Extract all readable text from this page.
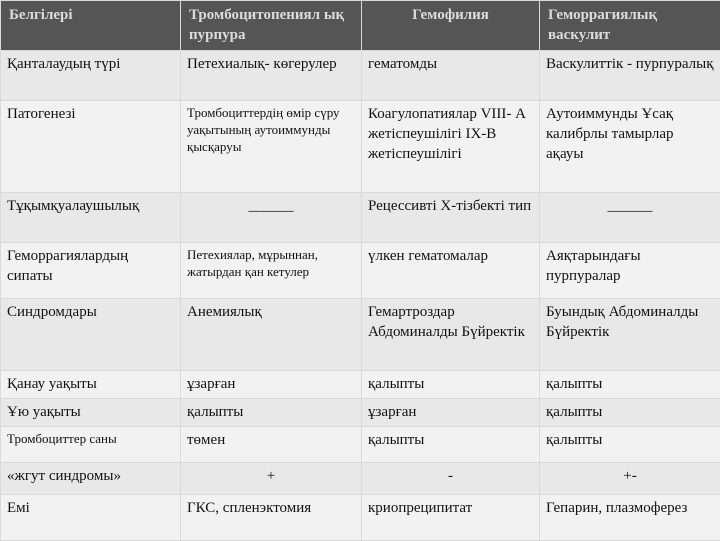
Белгілері	Тромбоцитопениял ық пурпура	Гемофилия	Геморрагиялық васкулит
Қанталаудың түрі	Петехиалық- көгерулер	гематомды	Васкулиттік - пурпуралық
Патогенезі	Тромбоциттердің өмір сүру уақытының аутоиммунды қысқаруы	Коагулопатиялар VIII- А жетіспеушілігі IX-В жетіспеушілігі	Аутоиммунды Ұсақ калибрлы тамырлар ақауы
Тұқымқуалаушылық	______	Рецессивті X-тізбекті тип	______
Геморрагиялардың сипаты	Петехиялар, мұрыннан, жатырдан қан кетулер	үлкен гематомалар	Аяқтарындағы пурпуралар
Синдромдары	Анемиялық	Гемартроздар Абдоминалды Бүйректік	Буындық Абдоминалды Бүйректік
Қанау уақыты	ұзарған	қалыпты	қалыпты
Ұю уақыты	қалыпты	ұзарған	қалыпты
Тромбоциттер саны	төмен	қалыпты	қалыпты
«жгут синдромы»	+	-	+-
Емі	ГКС, спленэктомия	криопреципитат	Гепарин, плазмоферез
